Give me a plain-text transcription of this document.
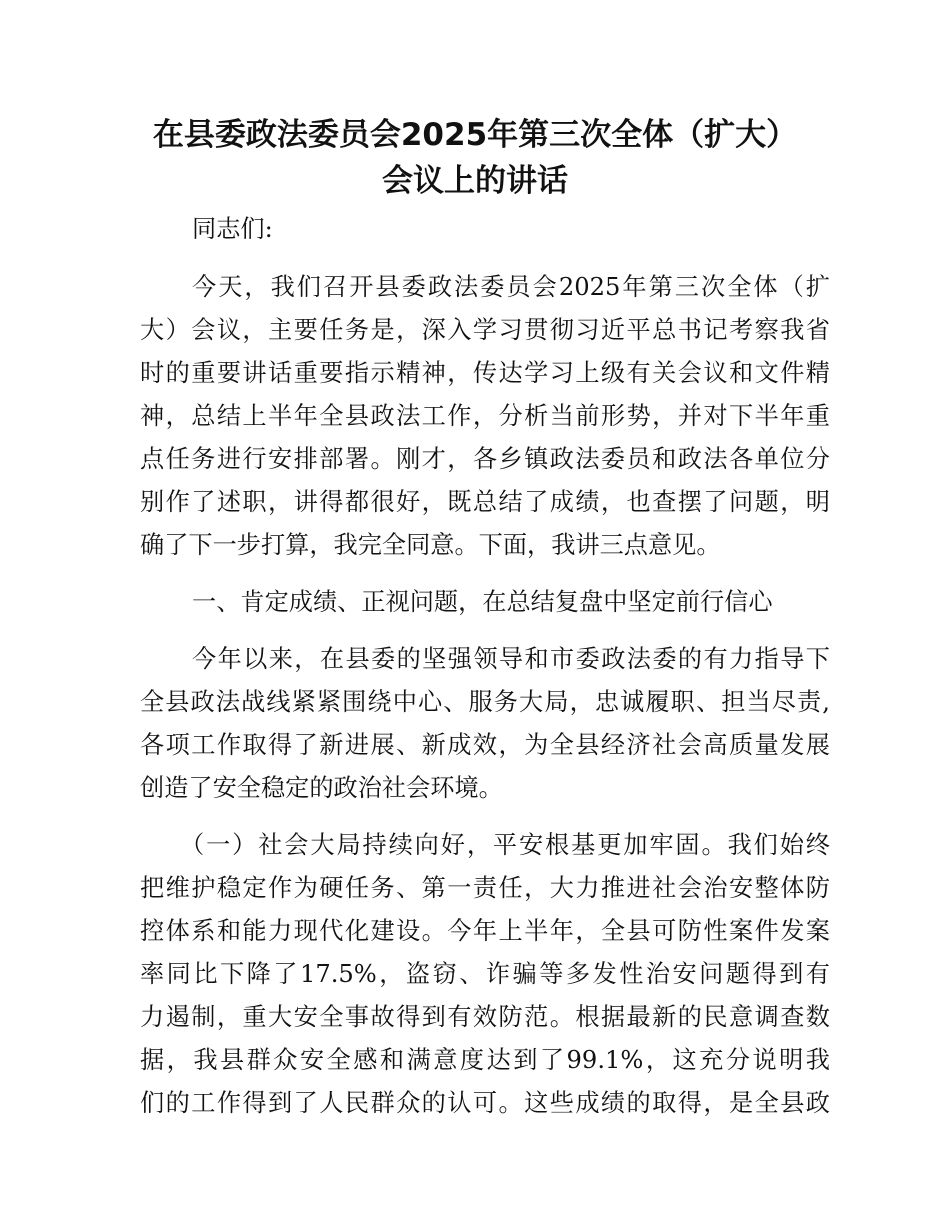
在县委政法委员会2025年第三次全体（扩大）
会议上的讲话

同志们:

今天，我们召开县委政法委员会2025年第三次全体（扩

大）会议，主要任务是，深入学习贯彻习近平总书记考察我省

时的重要讲话重要指示精神，传达学习上级有关会议和文件精

神，总结上半年全县政法工作，分析当前形势，并对下半年重

点任务进行安排部署。刚才，各乡镇政法委员和政法各单位分

别作了述职，讲得都很好，既总结了成绩，也查摆了问题，明

确了下一步打算，我完全同意。下面，我讲三点意见。

一、肯定成绩、正视问题，在总结复盘中坚定前行信心

今年以来，在县委的坚强领导和市委政法委的有力指导下

全县政法战线紧紧围绕中心、服务大局，忠诚履职、担当尽责,

各项工作取得了新进展、新成效，为全县经济社会高质量发展

创造了安全稳定的政治社会环境。

（一）社会大局持续向好，平安根基更加牢固。我们始终

把维护稳定作为硬任务、第一责任，大力推进社会治安整体防

控体系和能力现代化建设。今年上半年，全县可防性案件发案

率同比下降了17.5%，盗窃、诈骗等多发性治安问题得到有

力遏制，重大安全事故得到有效防范。根据最新的民意调查数

据，我县群众安全感和满意度达到了99.1%，这充分说明我

们的工作得到了人民群众的认可。这些成绩的取得，是全县政
